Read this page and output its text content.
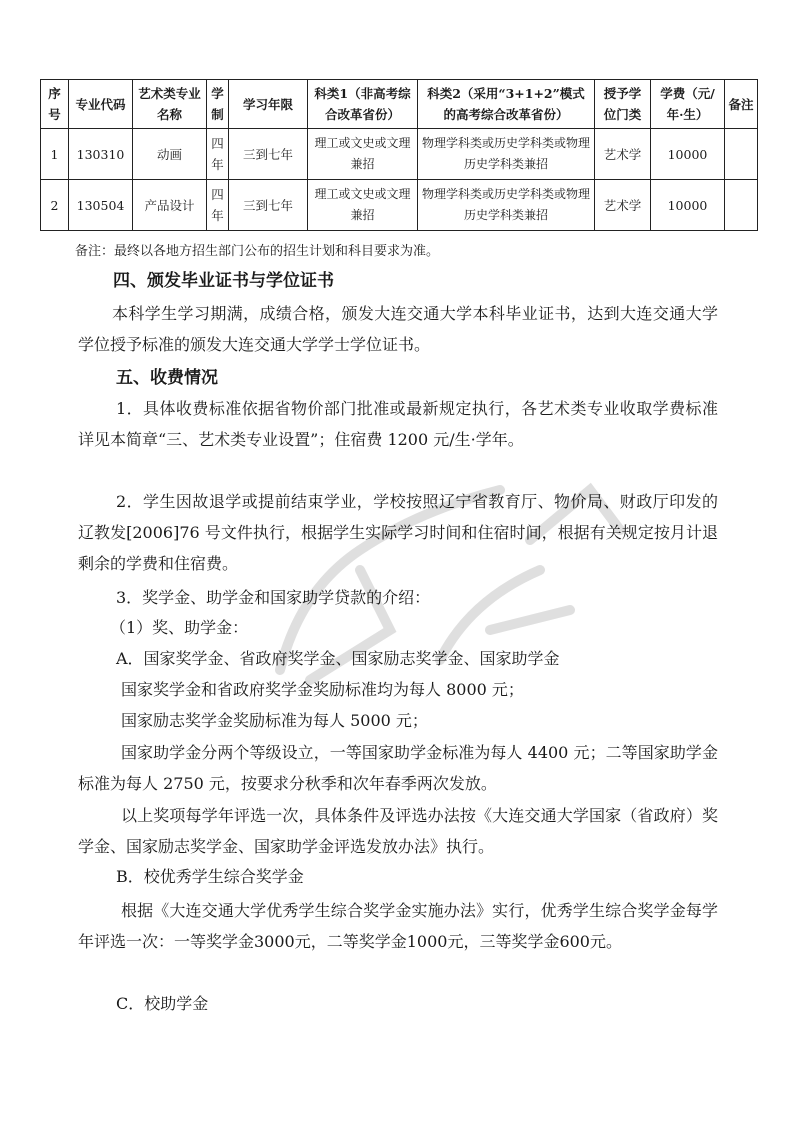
序号	专业代码	艺术类专业名称	学制	学习年限	科类1（非高考综合改革省份）	科类2（采用“3+1+2”模式的高考综合改革省份）	授予学位门类	学费（元/年·生）	备注
1	130310	动画	四年	三到七年	理工或文史或文理兼招	物理学科类或历史学科类或物理历史学科类兼招	艺术学	10000	
2	130504	产品设计	四年	三到七年	理工或文史或文理兼招	物理学科类或历史学科类或物理历史学科类兼招	艺术学	10000	
备注：最终以各地方招生部门公布的招生计划和科目要求为准。
四、颁发毕业证书与学位证书
本科学生学习期满，成绩合格，颁发大连交通大学本科毕业证书，达到大连交通大学学位授予标准的颁发大连交通大学学士学位证书。
五、收费情况
1．具体收费标准依据省物价部门批准或最新规定执行，各艺术类专业收取学费标准详见本简章“三、艺术类专业设置”；住宿费 1200 元/生·学年。
2．学生因故退学或提前结束学业，学校按照辽宁省教育厅、物价局、财政厅印发的辽教发[2006]76 号文件执行，根据学生实际学习时间和住宿时间，根据有关规定按月计退剩余的学费和住宿费。
3．奖学金、助学金和国家助学贷款的介绍：
（1）奖、助学金：
A．国家奖学金、省政府奖学金、国家励志奖学金、国家助学金
国家奖学金和省政府奖学金奖励标准均为每人 8000 元；
国家励志奖学金奖励标准为每人 5000 元；
国家助学金分两个等级设立，一等国家助学金标准为每人 4400 元；二等国家助学金标准为每人 2750 元，按要求分秋季和次年春季两次发放。
以上奖项每学年评选一次，具体条件及评选办法按《大连交通大学国家（省政府）奖学金、国家励志奖学金、国家助学金评选发放办法》执行。
B．校优秀学生综合奖学金
根据《大连交通大学优秀学生综合奖学金实施办法》实行，优秀学生综合奖学金每学年评选一次：一等奖学金3000元，二等奖学金1000元，三等奖学金600元。
C．校助学金
